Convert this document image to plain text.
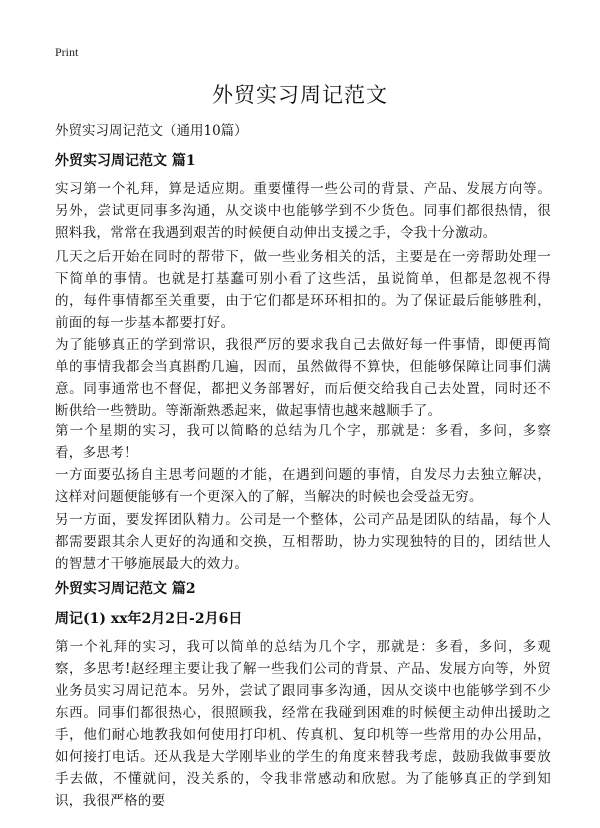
Print
外贸实习周记范文
外贸实习周记范文（通用10篇）
外贸实习周记范文 篇1

实习第一个礼拜，算是适应期。重要懂得一些公司的背景、产品、发展方向等。另外，尝试更同事多沟通，从交谈中也能够学到不少货色。同事们都很热情，很照料我，常常在我遇到艰苦的时候便自动伸出支援之手，令我十分激动。

几天之后开始在同时的帮带下，做一些业务相关的活，主要是在一旁帮助处理一下简单的事情。也就是打基蠢可别小看了这些活，虽说简单，但都是忽视不得的，每件事情都至关重要，由于它们都是环环相扣的。为了保证最后能够胜利，前面的每一步基本都要打好。

为了能够真正的学到常识，我很严厉的要求我自己去做好每一件事情，即便再简单的事情我都会当真斟酌几遍，因而，虽然做得不算快，但能够保障让同事们满意。同事通常也不督促，都把义务部署好，而后便交给我自己去处置，同时还不断供给一些赞助。等渐渐熟悉起来，做起事情也越来越顺手了。

第一个星期的实习，我可以简略的总结为几个字，那就是：多看，多问，多察看，多思考！

一方面要弘扬自主思考问题的才能，在遇到问题的事情，自发尽力去独立解决，这样对问题便能够有一个更深入的了解，当解决的时候也会受益无穷。

另一方面，要发挥团队精力。公司是一个整体，公司产品是团队的结晶，每个人都需要跟其余人更好的沟通和交换，互相帮助，协力实现独特的目的，团结世人的智慧才干够施展最大的效力。

外贸实习周记范文 篇2
周记(1) xx年2月2日-2月6日

第一个礼拜的实习，我可以简单的总结为几个字，那就是：多看，多问，多观察，多思考!赵经理主要让我了解一些我们公司的背景、产品、发展方向等，外贸业务员实习周记范本。另外，尝试了跟同事多沟通，因从交谈中也能够学到不少东西。同事们都很热心，很照顾我，经常在我碰到困难的时候便主动伸出援助之手，他们耐心地教我如何使用打印机、传真机、复印机等一些常用的办公用品，如何接打电话。还从我是大学刚毕业的学生的角度来替我考虑，鼓励我做事要放手去做，不懂就问，没关系的，令我非常感动和欣慰。为了能够真正的学到知识，我很严格的要
